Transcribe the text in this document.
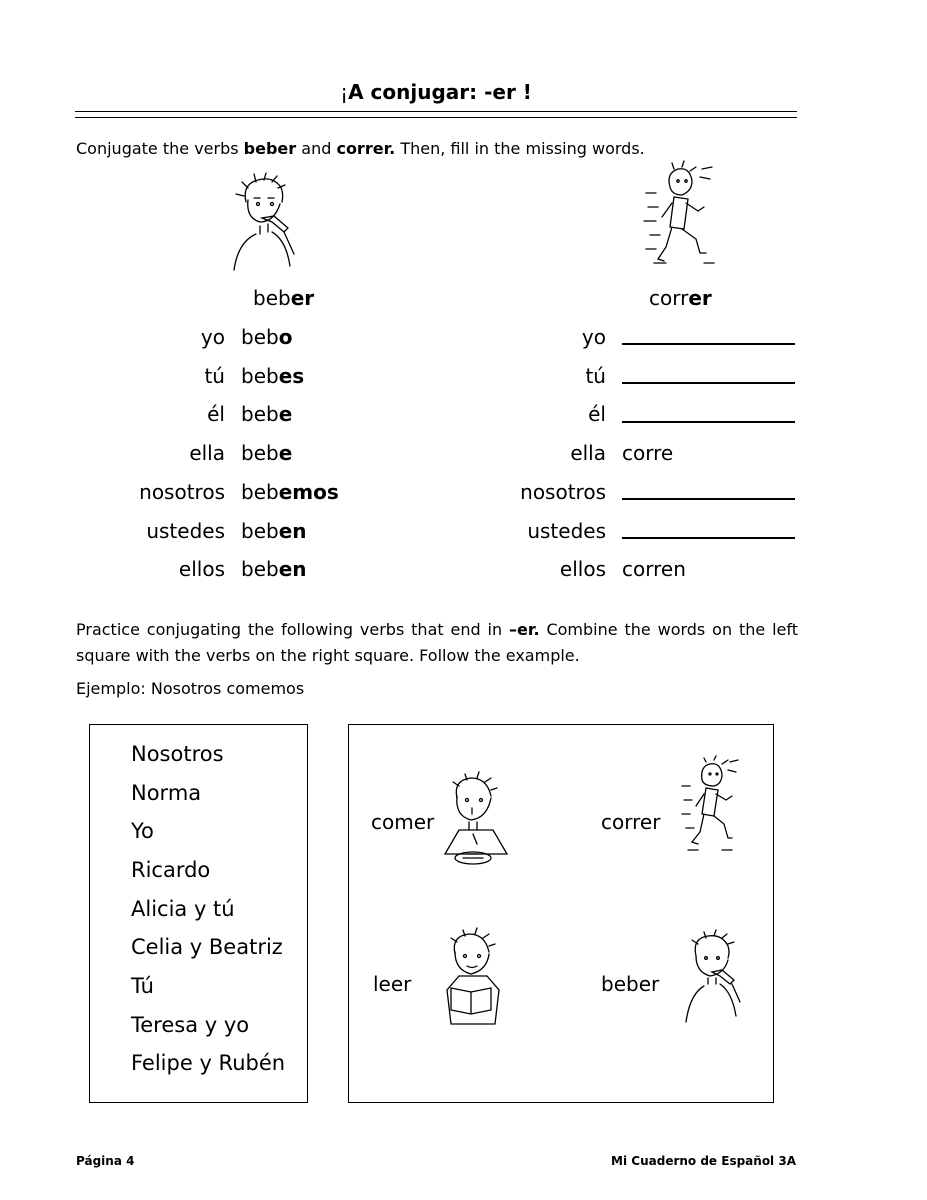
¡A conjugar: -er !
Conjugate the verbs beber and correr. Then, fill in the missing words.
beber
yo bebo
tú bebes
él bebe
ella bebe
nosotros bebemos
ustedes beben
ellos beben
correr
yo
tú
él
ella corre
nosotros
ustedes
ellos corren
Practice conjugating the following verbs that end in –er. Combine the words on the left square with the verbs on the right square. Follow the example.
Ejemplo: Nosotros comemos
Nosotros
Norma
Yo
Ricardo
Alicia y tú
Celia y Beatriz
Tú
Teresa y yo
Felipe y Rubén
comer	correr
leer	beber
Página 4	Mi Cuaderno de Español 3A
